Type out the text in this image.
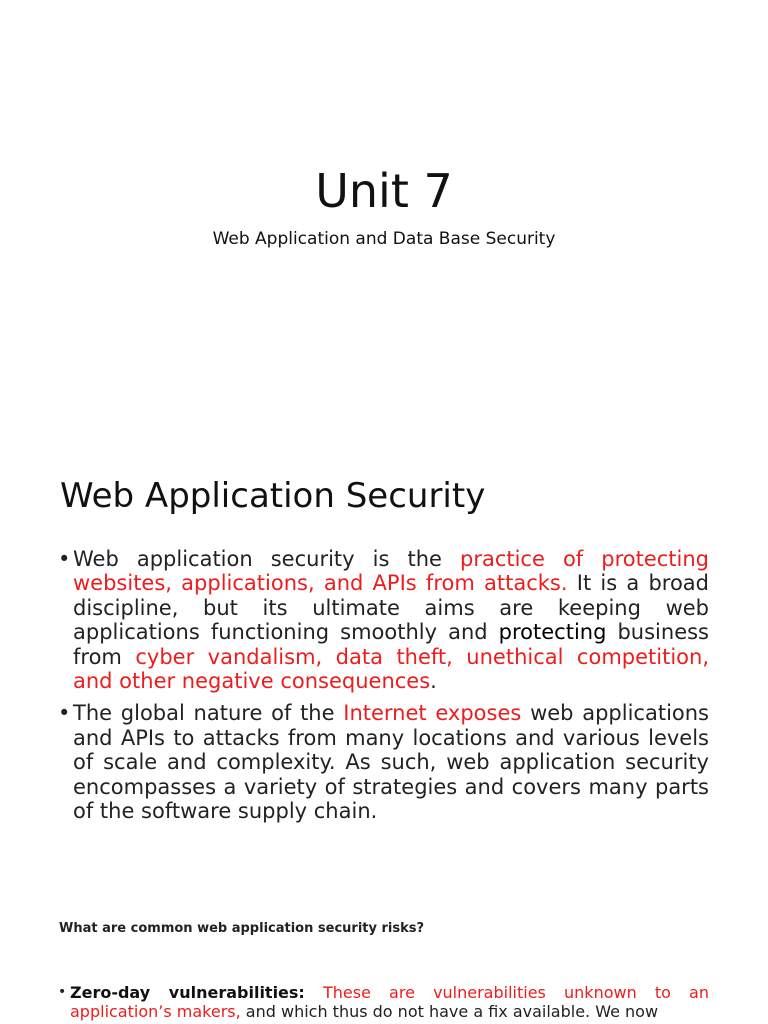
Unit 7
Web Application and Data Base Security
Web Application Security
• Web application security is the practice of protecting websites, applications, and APIs from attacks. It is a broad discipline, but its ultimate aims are keeping web applications functioning smoothly and protecting business from cyber vandalism, data theft, unethical competition, and other negative consequences.
• The global nature of the Internet exposes web applications and APIs to attacks from many locations and various levels of scale and complexity. As such, web application security encompasses a variety of strategies and covers many parts of the software supply chain.
What are common web application security risks?
• Zero-day vulnerabilities: These are vulnerabilities unknown to an application’s makers, and which thus do not have a fix available. We now
